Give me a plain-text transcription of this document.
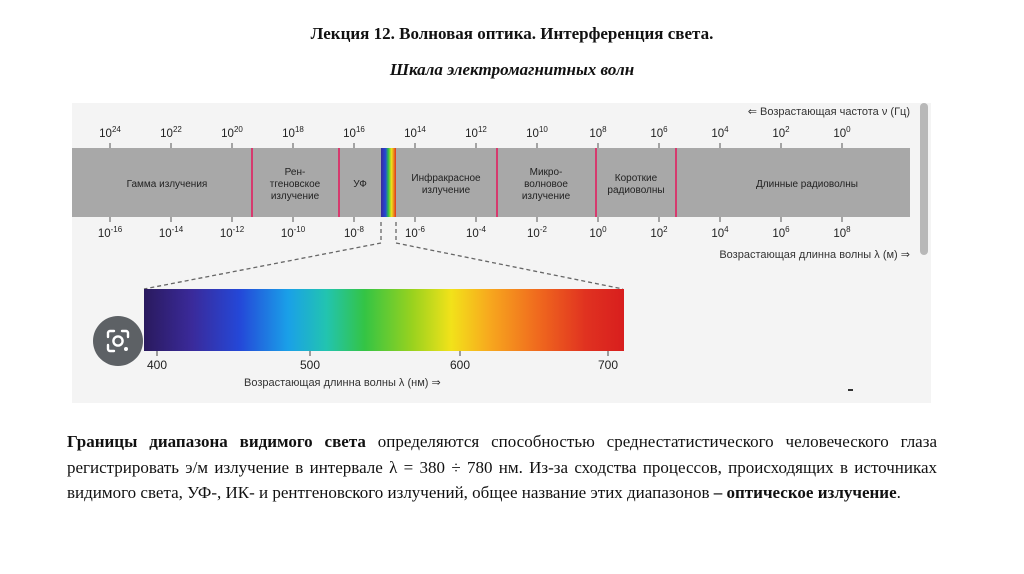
Лекция 12. Волновая оптика. Интерференция света.
Шкала электромагнитных волн
⇐ Возрастающая частота ν (Гц)
$10^{24}$	$10^{22}$	$10^{20}$	$10^{18}$	$10^{16}$	$10^{14}$	$10^{12}$	$10^{10}$	$10^8$	$10^6$	$10^4$	$10^2$	$10^0$
Гамма излучения
Рен-
тгеновское
излучение
УФ
Инфракрасное
излучение
Микро-
волновое
излучение
Короткие
радиоволны
Длинные радиоволны
$10^{-16}$	$10^{-14}$	$10^{-12}$	$10^{-10}$	$10^{-8}$	$10^{-6}$	$10^{-4}$	$10^{-2}$	$10^0$	$10^2$	$10^4$	$10^6$	$10^8$
Возрастающая длинна волны λ (м) ⇒
400	500	600	700
Возрастающая длинна волны λ (нм) ⇒
Границы диапазона видимого света определяются способностью среднестатистического человеческого глаза регистрировать э/м излучение в интервале λ = 380 ÷ 780 нм. Из-за сходства процессов, происходящих в источниках видимого света, УФ-, ИК- и рентгеновского излучений, общее название этих диапазонов – оптическое излучение.
